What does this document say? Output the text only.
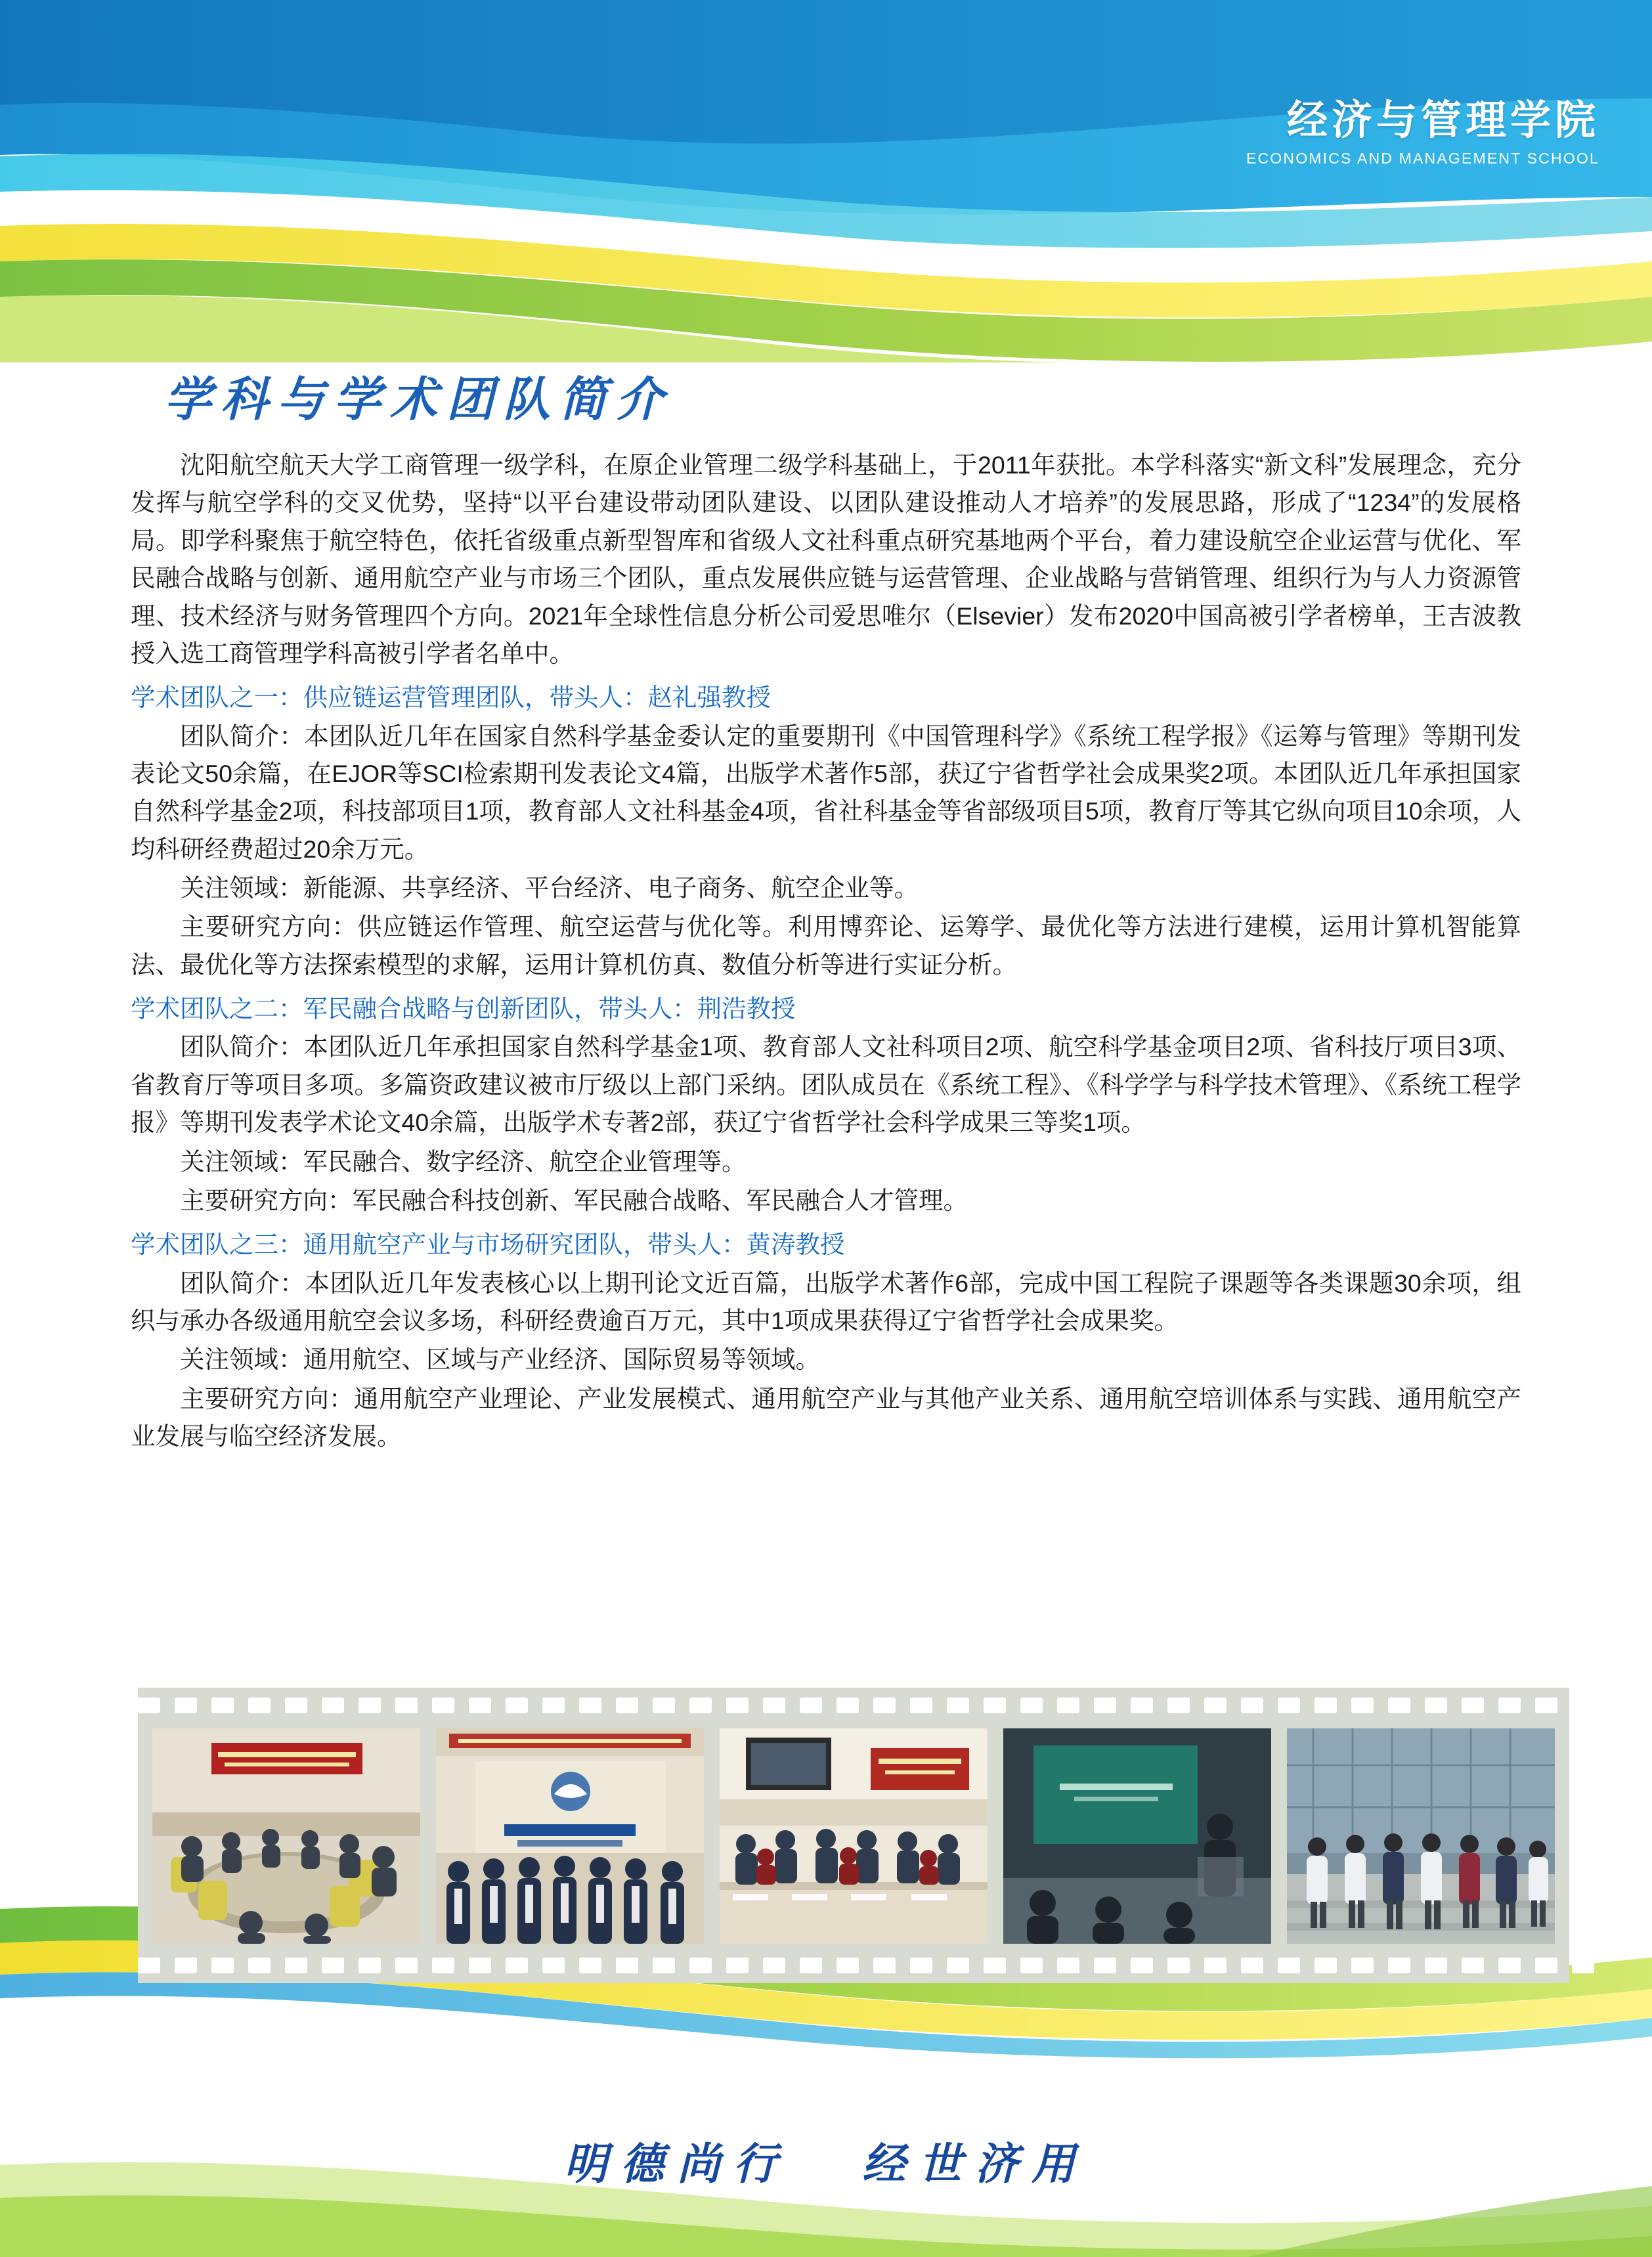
经济与管理学院
ECONOMICS AND MANAGEMENT SCHOOL
学科与学术团队简介

沈阳航空航天大学工商管理一级学科，在原企业管理二级学科基础上，于2011年获批。本学科落实“新文科”发展理念，充分发挥与航空学科的交叉优势，坚持“以平台建设带动团队建设、以团队建设推动人才培养”的发展思路，形成了“1234”的发展格局。即学科聚焦于航空特色，依托省级重点新型智库和省级人文社科重点研究基地两个平台，着力建设航空企业运营与优化、军民融合战略与创新、通用航空产业与市场三个团队，重点发展供应链与运营管理、企业战略与营销管理、组织行为与人力资源管理、技术经济与财务管理四个方向。2021年全球性信息分析公司爱思唯尔（Elsevier）发布2020中国高被引学者榜单，王吉波教授入选工商管理学科高被引学者名单中。

学术团队之一：供应链运营管理团队，带头人：赵礼强教授

团队简介：本团队近几年在国家自然科学基金委认定的重要期刊《中国管理科学》《系统工程学报》《运筹与管理》等期刊发表论文50余篇，在EJOR等SCI检索期刊发表论文4篇，出版学术著作5部，获辽宁省哲学社会成果奖2项。本团队近几年承担国家自然科学基金2项，科技部项目1项，教育部人文社科基金4项，省社科基金等省部级项目5项，教育厅等其它纵向项目10余项，人均科研经费超过20余万元。

关注领域：新能源、共享经济、平台经济、电子商务、航空企业等。

主要研究方向：供应链运作管理、航空运营与优化等。利用博弈论、运筹学、最优化等方法进行建模，运用计算机智能算法、最优化等方法探索模型的求解，运用计算机仿真、数值分析等进行实证分析。

学术团队之二：军民融合战略与创新团队，带头人：荆浩教授

团队简介：本团队近几年承担国家自然科学基金1项、教育部人文社科项目2项、航空科学基金项目2项、省科技厅项目3项、省教育厅等项目多项。多篇资政建议被市厅级以上部门采纳。团队成员在《系统工程》、《科学学与科学技术管理》、《系统工程学报》等期刊发表学术论文40余篇，出版学术专著2部，获辽宁省哲学社会科学成果三等奖1项。

关注领域：军民融合、数字经济、航空企业管理等。

主要研究方向：军民融合科技创新、军民融合战略、军民融合人才管理。

学术团队之三：通用航空产业与市场研究团队，带头人：黄涛教授

团队简介：本团队近几年发表核心以上期刊论文近百篇，出版学术著作6部，完成中国工程院子课题等各类课题30余项，组织与承办各级通用航空会议多场，科研经费逾百万元，其中1项成果获得辽宁省哲学社会成果奖。

关注领域：通用航空、区域与产业经济、国际贸易等领域。

主要研究方向：通用航空产业理论、产业发展模式、通用航空产业与其他产业关系、通用航空培训体系与实践、通用航空产业发展与临空经济发展。

明德尚行 经世济用
